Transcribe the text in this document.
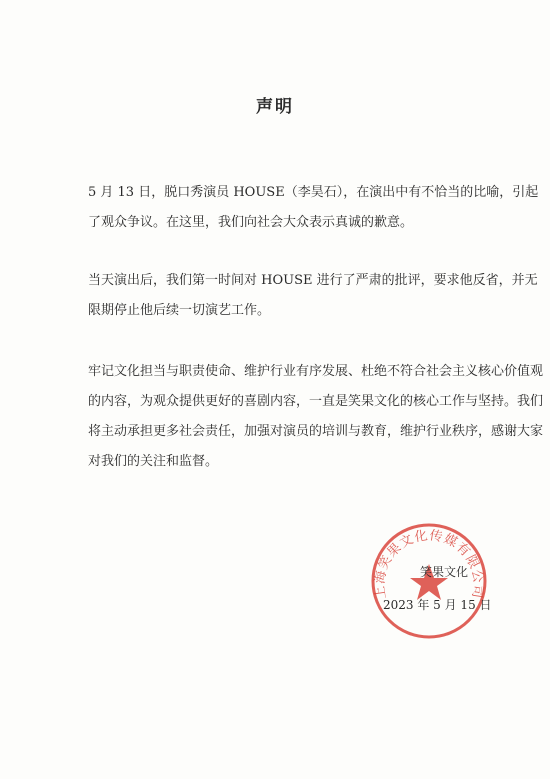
声明
5 月 13 日，脱口秀演员 HOUSE（李昊石），在演出中有不恰当的比喻，引起
了观众争议。在这里，我们向社会大众表示真诚的歉意。
当天演出后，我们第一时间对 HOUSE 进行了严肃的批评，要求他反省，并无
限期停止他后续一切演艺工作。
牢记文化担当与职责使命、维护行业有序发展、杜绝不符合社会主义核心价值观
的内容，为观众提供更好的喜剧内容，一直是笑果文化的核心工作与坚持。我们
将主动承担更多社会责任，加强对演员的培训与教育，维护行业秩序，感谢大家
对我们的关注和监督。
上海笑果文化传媒有限公司
笑果文化
2023 年 5 月 15 日
